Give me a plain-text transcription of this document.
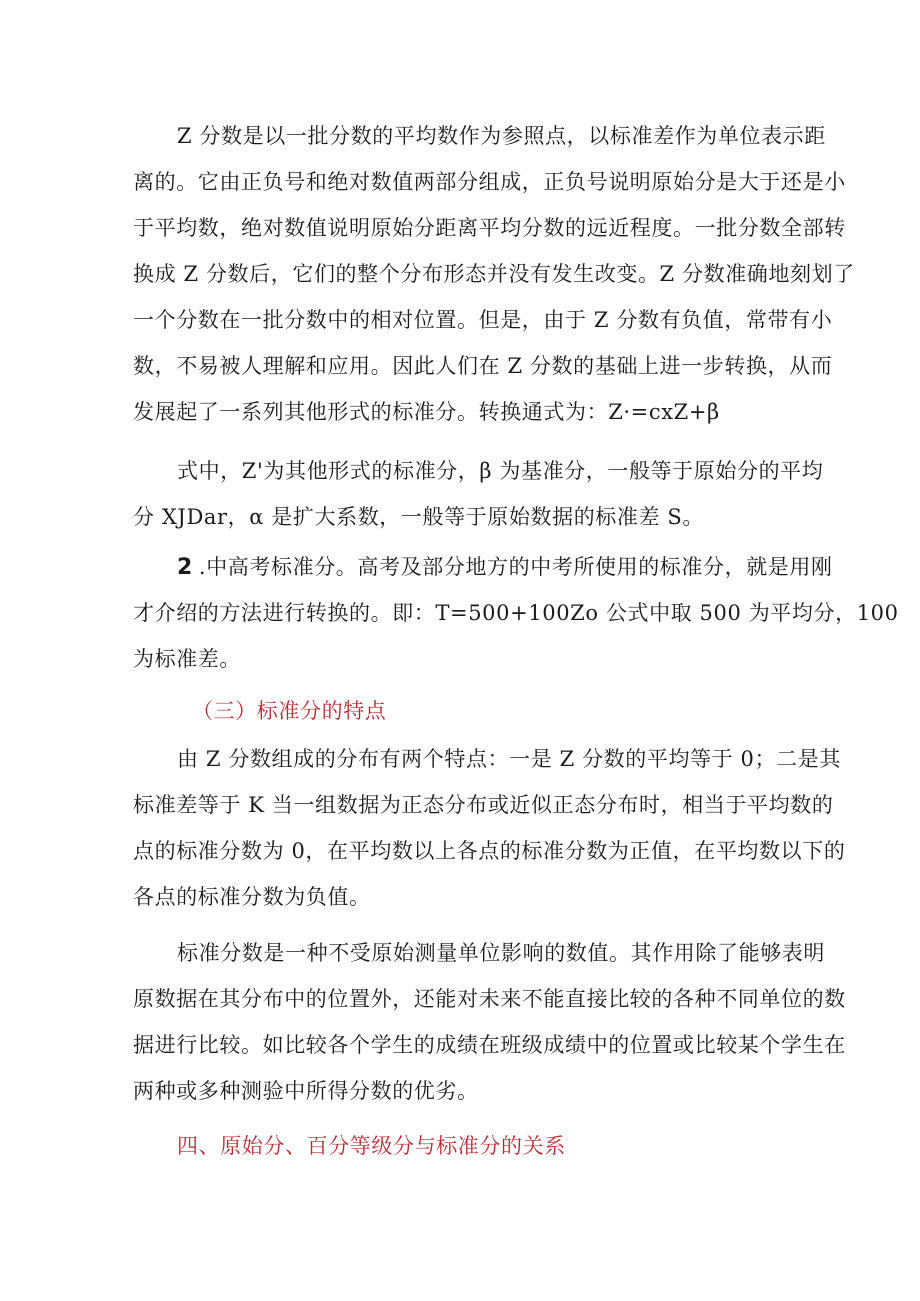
Z 分数是以一批分数的平均数作为参照点，以标准差作为单位表示距
离的。它由正负号和绝对数值两部分组成，正负号说明原始分是大于还是小
于平均数，绝对数值说明原始分距离平均分数的远近程度。一批分数全部转
换成 Z 分数后，它们的整个分布形态并没有发生改变。Z 分数准确地刻划了
一个分数在一批分数中的相对位置。但是，由于 Z 分数有负值，常带有小
数，不易被人理解和应用。因此人们在 Z 分数的基础上进一步转换，从而
发展起了一系列其他形式的标准分。转换通式为：Z·=cxZ+β
式中，Z'为其他形式的标准分，β 为基准分，一般等于原始分的平均
分 XJDar，α 是扩大系数，一般等于原始数据的标准差 S。
2 .中高考标准分。高考及部分地方的中考所使用的标准分，就是用刚
才介绍的方法进行转换的。即：T=500+100Zo 公式中取 500 为平均分，100
为标准差。

（三）标准分的特点

由 Z 分数组成的分布有两个特点：一是 Z 分数的平均等于 0；二是其
标准差等于 K 当一组数据为正态分布或近似正态分布时，相当于平均数的
点的标准分数为 0，在平均数以上各点的标准分数为正值，在平均数以下的
各点的标准分数为负值。
标准分数是一种不受原始测量单位影响的数值。其作用除了能够表明
原数据在其分布中的位置外，还能对未来不能直接比较的各种不同单位的数
据进行比较。如比较各个学生的成绩在班级成绩中的位置或比较某个学生在
两种或多种测验中所得分数的优劣。

四、原始分、百分等级分与标准分的关系
